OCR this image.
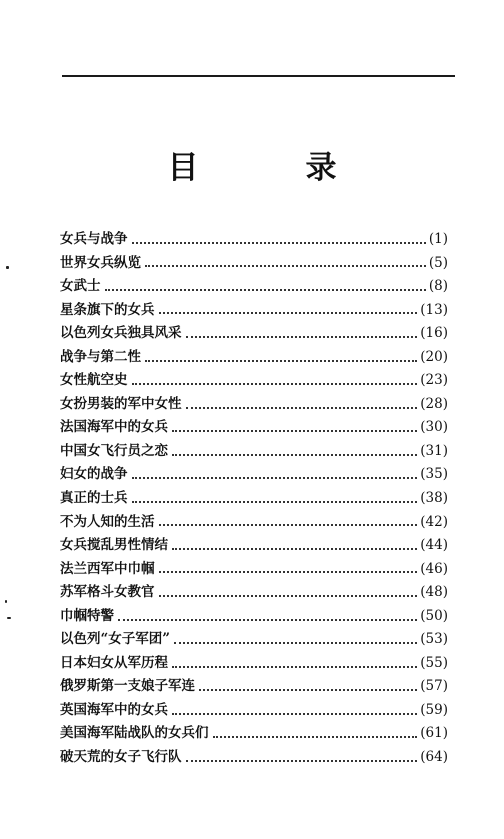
目　录
女兵与战争	(1)
世界女兵纵览	(5)
女武士	(8)
星条旗下的女兵	(13)
以色列女兵独具风采	(16)
战争与第二性	(20)
女性航空史	(23)
女扮男装的军中女性	(28)
法国海军中的女兵	(30)
中国女飞行员之恋	(31)
妇女的战争	(35)
真正的士兵	(38)
不为人知的生活	(42)
女兵搅乱男性情结	(44)
法兰西军中巾帼	(46)
苏军格斗女教官	(48)
巾帼特警	(50)
以色列“女子军团”	(53)
日本妇女从军历程	(55)
俄罗斯第一支娘子军连	(57)
英国海军中的女兵	(59)
美国海军陆战队的女兵们	(61)
破天荒的女子飞行队	(64)
